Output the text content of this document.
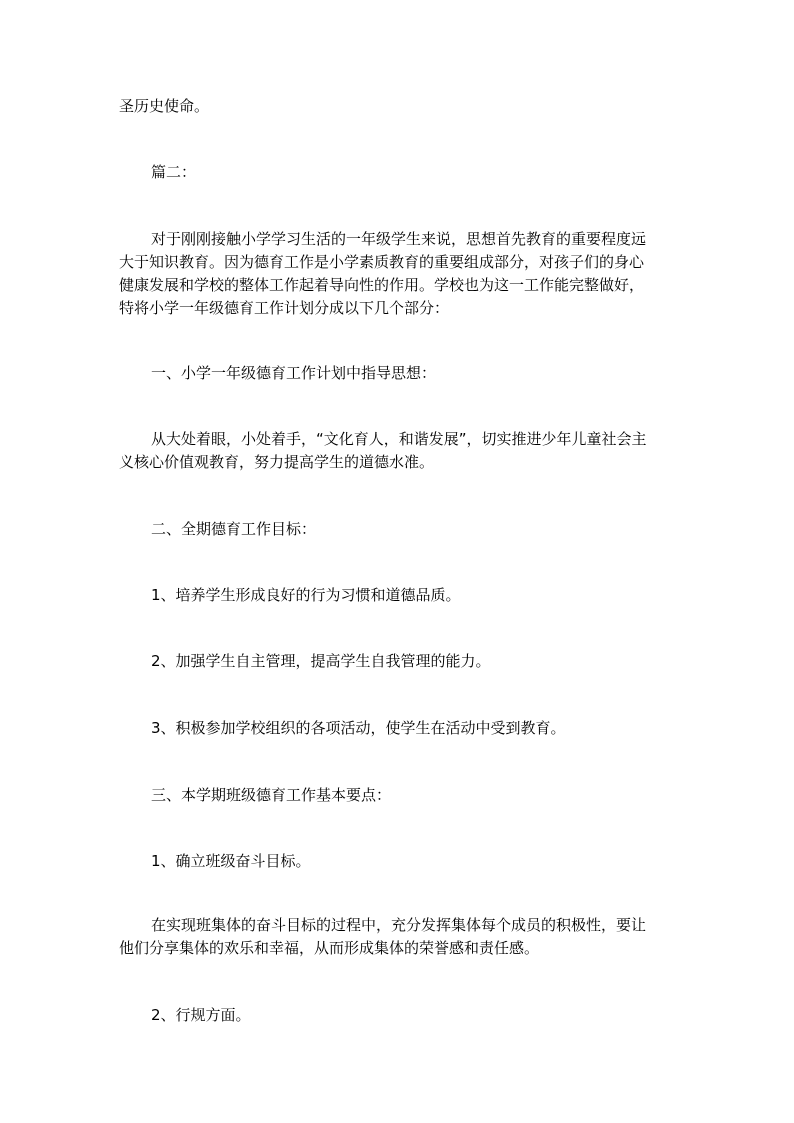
圣历史使命。

篇二：

对于刚刚接触小学学习生活的一年级学生来说，思想首先教育的重要程度远
大于知识教育。因为德育工作是小学素质教育的重要组成部分，对孩子们的身心
健康发展和学校的整体工作起着导向性的作用。学校也为这一工作能完整做好，
特将小学一年级德育工作计划分成以下几个部分：

一、小学一年级德育工作计划中指导思想：

从大处着眼，小处着手，“文化育人，和谐发展”，切实推进少年儿童社会主
义核心价值观教育，努力提高学生的道德水准。

二、全期德育工作目标：

1、培养学生形成良好的行为习惯和道德品质。

2、加强学生自主管理，提高学生自我管理的能力。

3、积极参加学校组织的各项活动，使学生在活动中受到教育。

三、本学期班级德育工作基本要点：

1、确立班级奋斗目标。

在实现班集体的奋斗目标的过程中，充分发挥集体每个成员的积极性，要让
他们分享集体的欢乐和幸福，从而形成集体的荣誉感和责任感。

2、行规方面。
